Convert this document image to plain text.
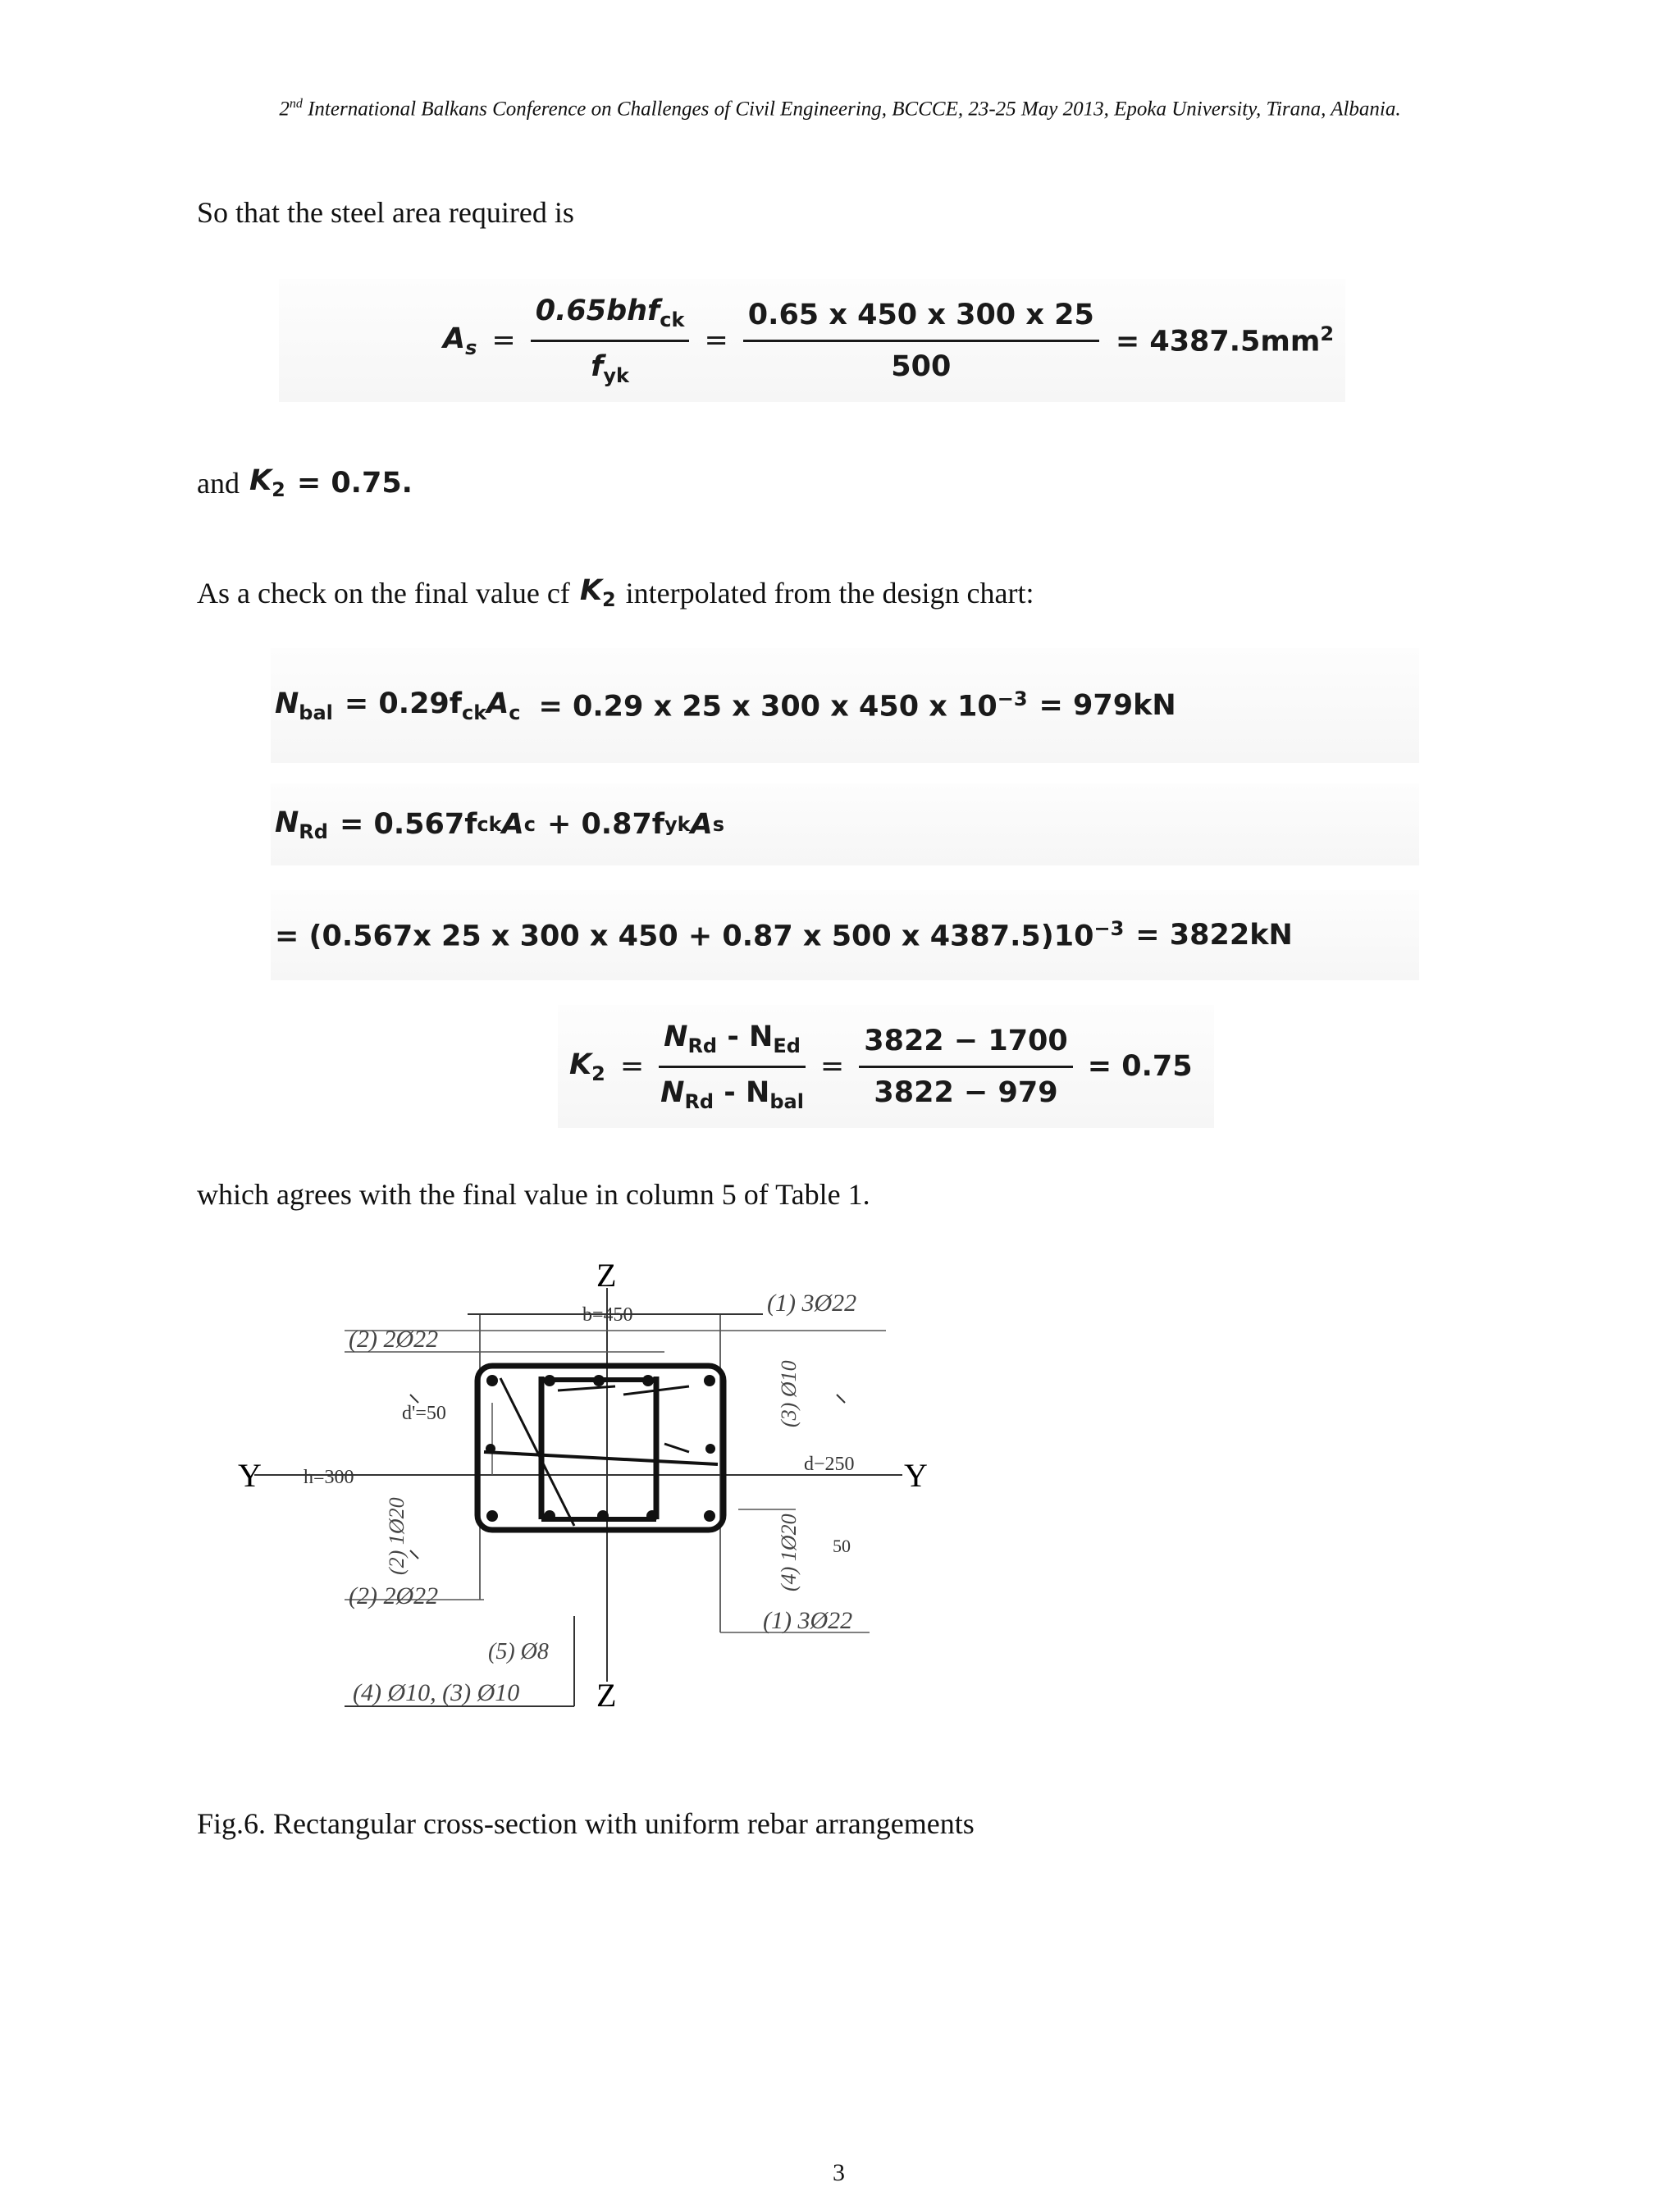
2nd International Balkans Conference on Challenges of Civil Engineering, BCCCE, 23-25 May 2013, Epoka University, Tirana, Albania.
So that the steel area required is
$A_s = \frac{0.65bhf_{ck}}{f_{yk}} = \frac{0.65 x 450 x 300 x 25}{500} = 4387.5mm^2$
and $K_2 = 0.75$.
As a check on the final value cf $K_2$ interpolated from the design chart:
$N_{bal} = 0.29f_{ck}A_c = 0.29$ x 25 x 300 x 450 x $10^{-3} = 979kN$
$N_{Rd} = 0.567f$ ck A c + 0.87f yk A s
= (0.567x 25 x 300 x 450 + 0.87 x 500 x $4387.5)10^{-3} = 3822kN$
$K_2 = \frac{N_{Rd} - N_{Ed}}{N_{Rd} - N_{bal}} = \frac{3822 - 1700}{3822 - 979} = 0.75$
which agrees with the final value in column 5 of Table 1.
Z
Z
Y	Y
b=450
h=300
d'=50
d−250
50
(1) 3Ø22
(2) 2Ø22
(2) 2Ø22
(1) 3Ø22
(2) 1Ø20
(3) Ø10
(4) 1Ø20
(5) Ø8
(4) Ø10, (3) Ø10
Fig.6. Rectangular cross-section with uniform rebar arrangements
3
